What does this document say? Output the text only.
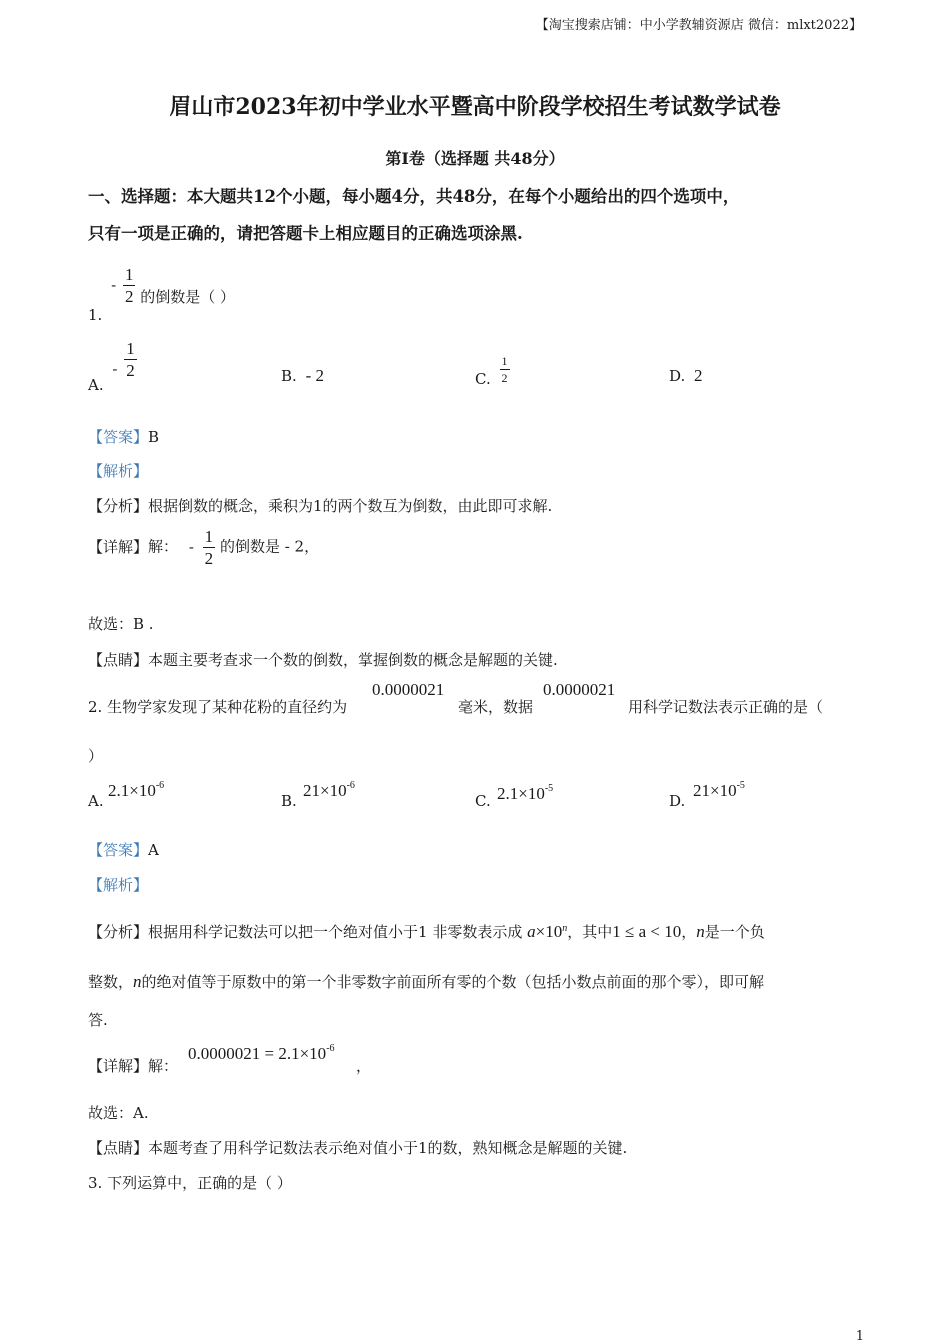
【淘宝搜索店铺：中小学教辅资源店 微信：mlxt2022】
眉山市2023年初中学业水平暨高中阶段学校招生考试数学试卷
第I卷（选择题 共48分）
一、选择题：本大题共12个小题，每小题4分，共48分，在每个小题给出的四个选项中，
只有一项是正确的，请把答题卡上相应题目的正确选项涂黑.
1. - $\frac{1}{2}$ 的倒数是（ ）
A. - $\frac{1}{2}$	B. - 2	C. $\frac{1}{2}$	D. 2
【答案】B
【解析】
【分析】根据倒数的概念，乘积为1的两个数互为倒数，由此即可求解.
【详解】解： - $\frac{1}{2}$ 的倒数是 - 2，
故选：B .
【点睛】本题主要考查求一个数的倒数，掌握倒数的概念是解题的关键.
2. 生物学家发现了某种花粉的直径约为
0.0000021
毫米，数据
0.0000021
用科学记数法表示正确的是（
）
A.
$2.1\times 10^{-6}$
B.
$21\times 10^{-6}$
C. $2.1\times 10^{-5}$
D.
$21\times 10^{-5}$
【答案】A
【解析】
【分析】根据用科学记数法可以把一个绝对值小于1 非零数表示成 $a\times 10^n$，其中1 ≤ a < 10，n是一个负
整数，n的绝对值等于原数中的第一个非零数字前面所有零的个数（包括小数点前面的那个零），即可解
答.
【详解】解：
$0.0000021 = 2.1\times 10^{-6}$
，
故选：A.
【点睛】本题考查了用科学记数法表示绝对值小于1的数，熟知概念是解题的关键.
3. 下列运算中，正确的是（ ）
1
